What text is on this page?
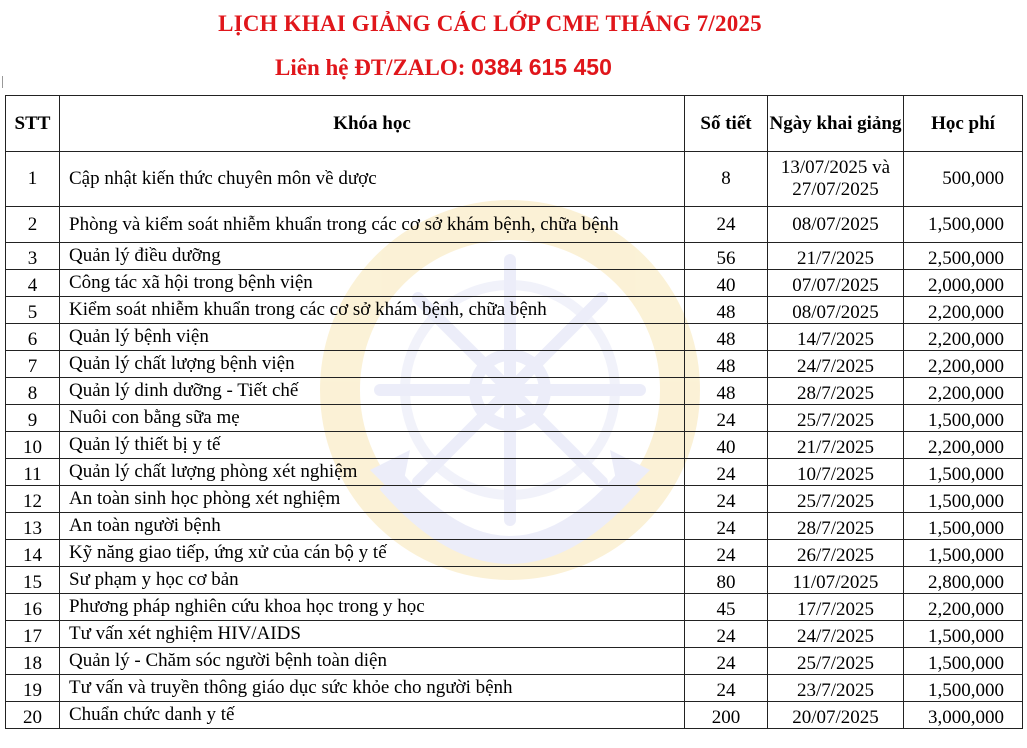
LỊCH KHAI GIẢNG CÁC LỚP CME THÁNG 7/2025
Liên hệ ĐT/ZALO: 0384 615 450
STT	Khóa học	Số tiết	Ngày khai giảng	Học phí
1	Cập nhật kiến thức chuyên môn về dược	8	13/07/2025 và 27/07/2025	500,000
2	Phòng và kiểm soát nhiễm khuẩn trong các cơ sở khám bệnh, chữa bệnh	24	08/07/2025	1,500,000
3	Quản lý điều dưỡng	56	21/7/2025	2,500,000
4	Công tác xã hội trong bệnh viện	40	07/07/2025	2,000,000
5	Kiểm soát nhiễm khuẩn trong các cơ sở khám bệnh, chữa bệnh	48	08/07/2025	2,200,000
6	Quản lý bệnh viện	48	14/7/2025	2,200,000
7	Quản lý chất lượng bệnh viện	48	24/7/2025	2,200,000
8	Quản lý dinh dưỡng - Tiết chế	48	28/7/2025	2,200,000
9	Nuôi con bằng sữa mẹ	24	25/7/2025	1,500,000
10	Quản lý thiết bị y tế	40	21/7/2025	2,200,000
11	Quản lý chất lượng phòng xét nghiệm	24	10/7/2025	1,500,000
12	An toàn sinh học phòng xét nghiệm	24	25/7/2025	1,500,000
13	An toàn người bệnh	24	28/7/2025	1,500,000
14	Kỹ năng giao tiếp, ứng xử của cán bộ y tế	24	26/7/2025	1,500,000
15	Sư phạm y học cơ bản	80	11/07/2025	2,800,000
16	Phương pháp nghiên cứu khoa học trong y học	45	17/7/2025	2,200,000
17	Tư vấn xét nghiệm HIV/AIDS	24	24/7/2025	1,500,000
18	Quản lý - Chăm sóc người bệnh toàn diện	24	25/7/2025	1,500,000
19	Tư vấn và truyền thông giáo dục sức khỏe cho người bệnh	24	23/7/2025	1,500,000
20	Chuẩn chức danh y tế	200	20/07/2025	3,000,000
